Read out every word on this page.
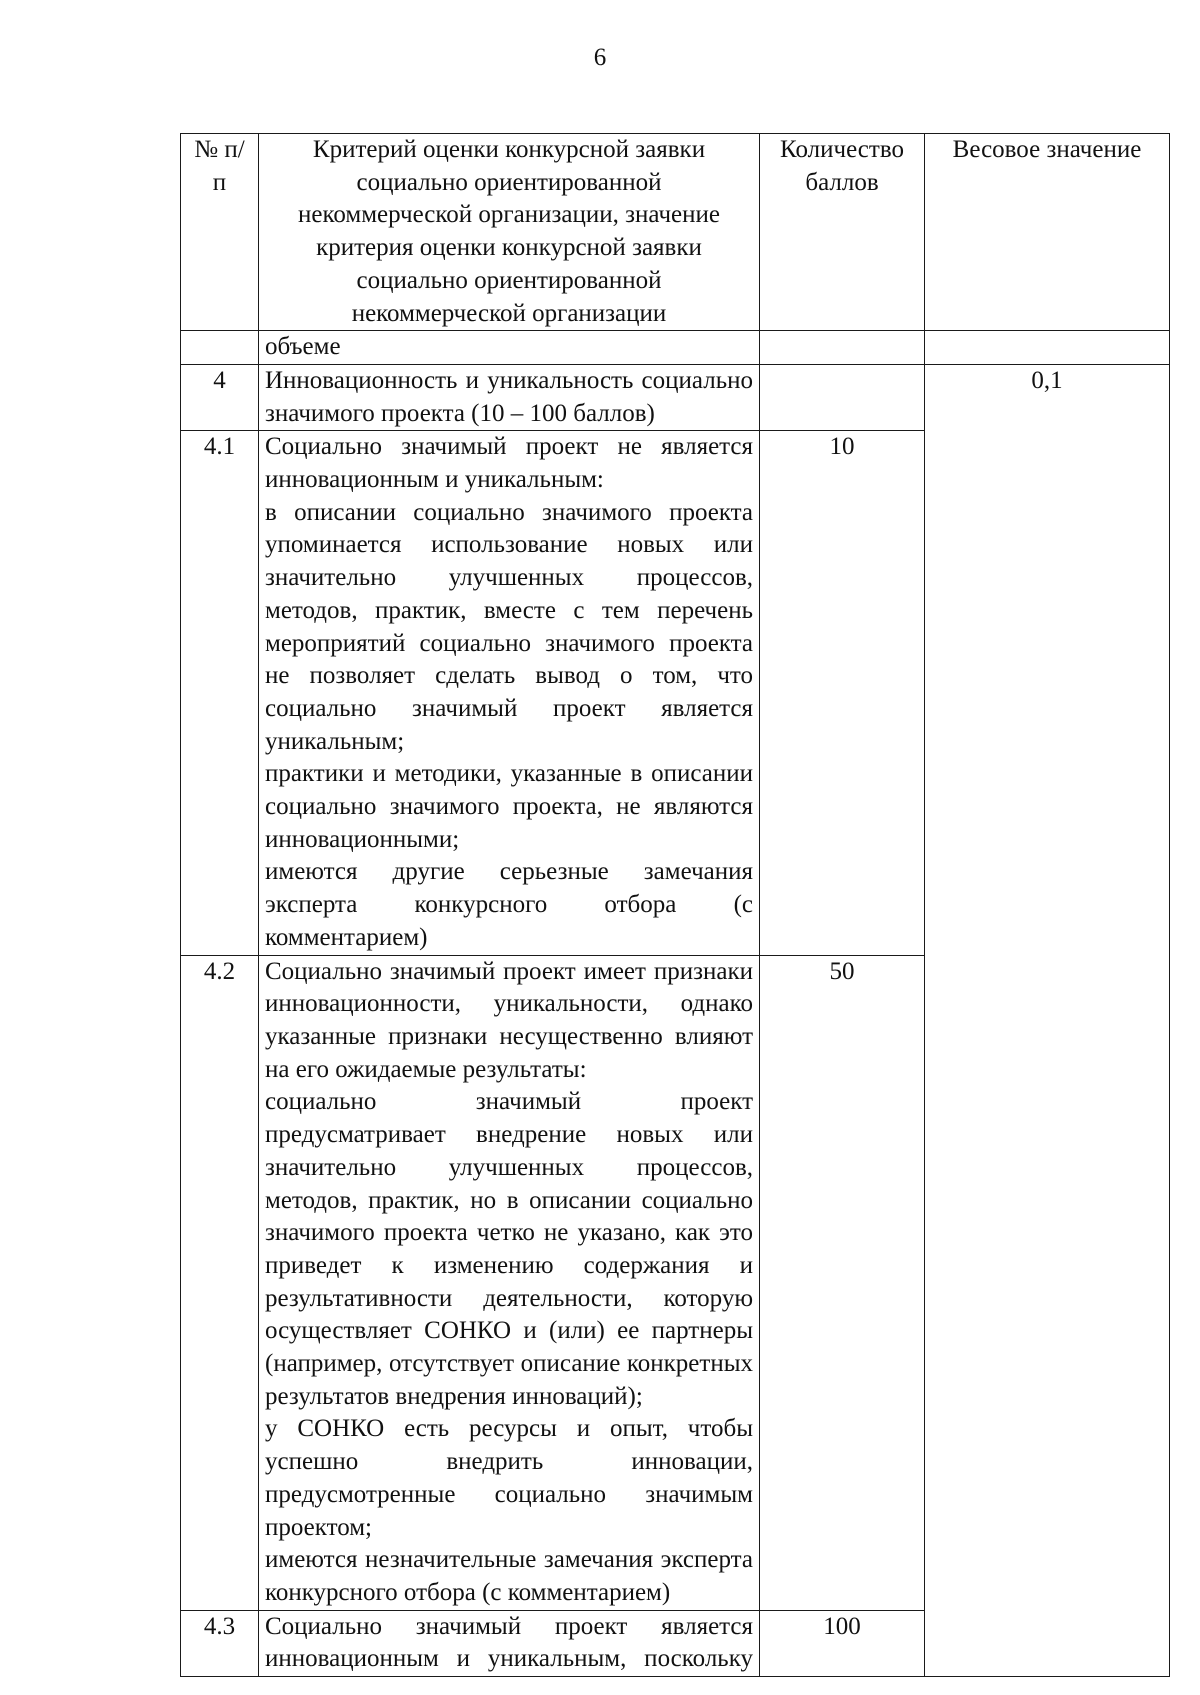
6
№ п/п	Критерий оценки конкурсной заявки социально ориентированной некоммерческой организации, значение критерия оценки конкурсной заявки социально ориентированной некоммерческой организации	Количество баллов	Весовое значение

	объеме		

4	Инновационность и уникальность социально значимого проекта (10 – 100 баллов)		0,1
4.1	Социально значимый проект не является инновационным и уникальным:

в описании социально значимого проекта упоминается использование новых или значительно улучшенных процессов, методов, практик, вместе с тем перечень мероприятий социально значимого проекта не позволяет сделать вывод о том, что социально значимый проект является уникальным;

практики и методики, указанные в описании социально значимого проекта, не являются инновационными;

имеются другие серьезные замечания эксперта конкурсного отбора (с комментарием)	10	
4.2	Социально значимый проект имеет признаки инновационности, уникальности, однако указанные признаки несущественно влияют на его ожидаемые результаты:

социально значимый проект предусматривает внедрение новых или значительно улучшенных процессов, методов, практик, но в описании социально значимого проекта четко не указано, как это приведет к изменению содержания и результативности деятельности, которую осуществляет СОНКО и (или) ее партнеры (например, отсутствует описание конкретных результатов внедрения инноваций);

у СОНКО есть ресурсы и опыт, чтобы успешно внедрить инновации, предусмотренные социально значимым проектом;

имеются незначительные замечания эксперта конкурсного отбора (с комментарием)	50	
4.3	Социально значимый проект является инновационным и уникальным, поскольку	100	
